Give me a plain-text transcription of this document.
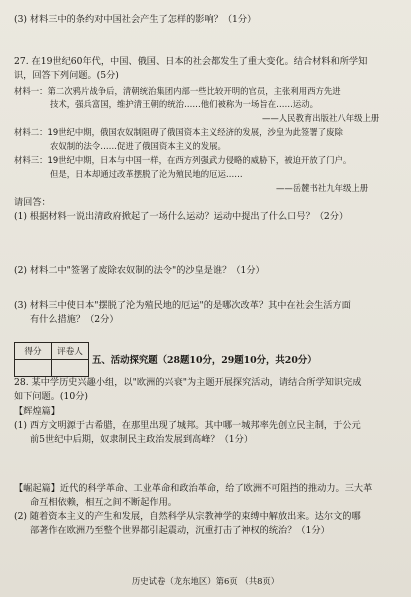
(3) 材料三中的条约对中国社会产生了怎样的影响？（1分）
27. 在19世纪60年代，中国、俄国、日本的社会都发生了重大变化。结合材料和所学知
识，回答下列问题。(5分)
材料一：第二次鸦片战争后，清朝统治集团内部一些比较开明的官员，主张利用西方先进
技术，强兵富国，维护清王朝的统治……他们被称为一场旨在……运动。
——人民教育出版社八年级上册
材料二：19世纪中期，俄国农奴制阻碍了俄国资本主义经济的发展，沙皇为此签署了废除
农奴制的法令……促进了俄国资本主义的发展。
材料三：19世纪中期，日本与中国一样，在西方列强武力侵略的威胁下，被迫开放了门户。
但是，日本却通过改革摆脱了沦为殖民地的厄运……
——岳麓书社九年级上册
请回答：
(1) 根据材料一说出清政府掀起了一场什么运动？运动中提出了什么口号？（2分）
(2) 材料二中"签署了废除农奴制的法令"的沙皇是谁？（1分）
(3) 材料三中使日本"摆脱了沦为殖民地的厄运"的是哪次改革？其中在社会生活方面
有什么措施？（2分）
得分	评卷人

五、活动探究题（28题10分，29题10分，共20分）
28. 某中学历史兴趣小组，以"欧洲的兴衰"为主题开展探究活动，请结合所学知识完成
如下问题。(10分)
【辉煌篇】
(1) 西方文明源于古希腊，在那里出现了城邦。其中哪一城邦率先创立民主制，于公元
前5世纪中后期，奴隶制民主政治发展到高峰？（1分）
【崛起篇】近代的科学革命、工业革命和政治革命，给了欧洲不可阻挡的推动力。三大革
命互相依赖，相互之间不断起作用。
(2) 随着资本主义的产生和发展，自然科学从宗教神学的束缚中解放出来。达尔文的哪
部著作在欧洲乃至整个世界都引起震动，沉重打击了神权的统治？（1分）
历史试卷（龙东地区）第6页 （共8页）
